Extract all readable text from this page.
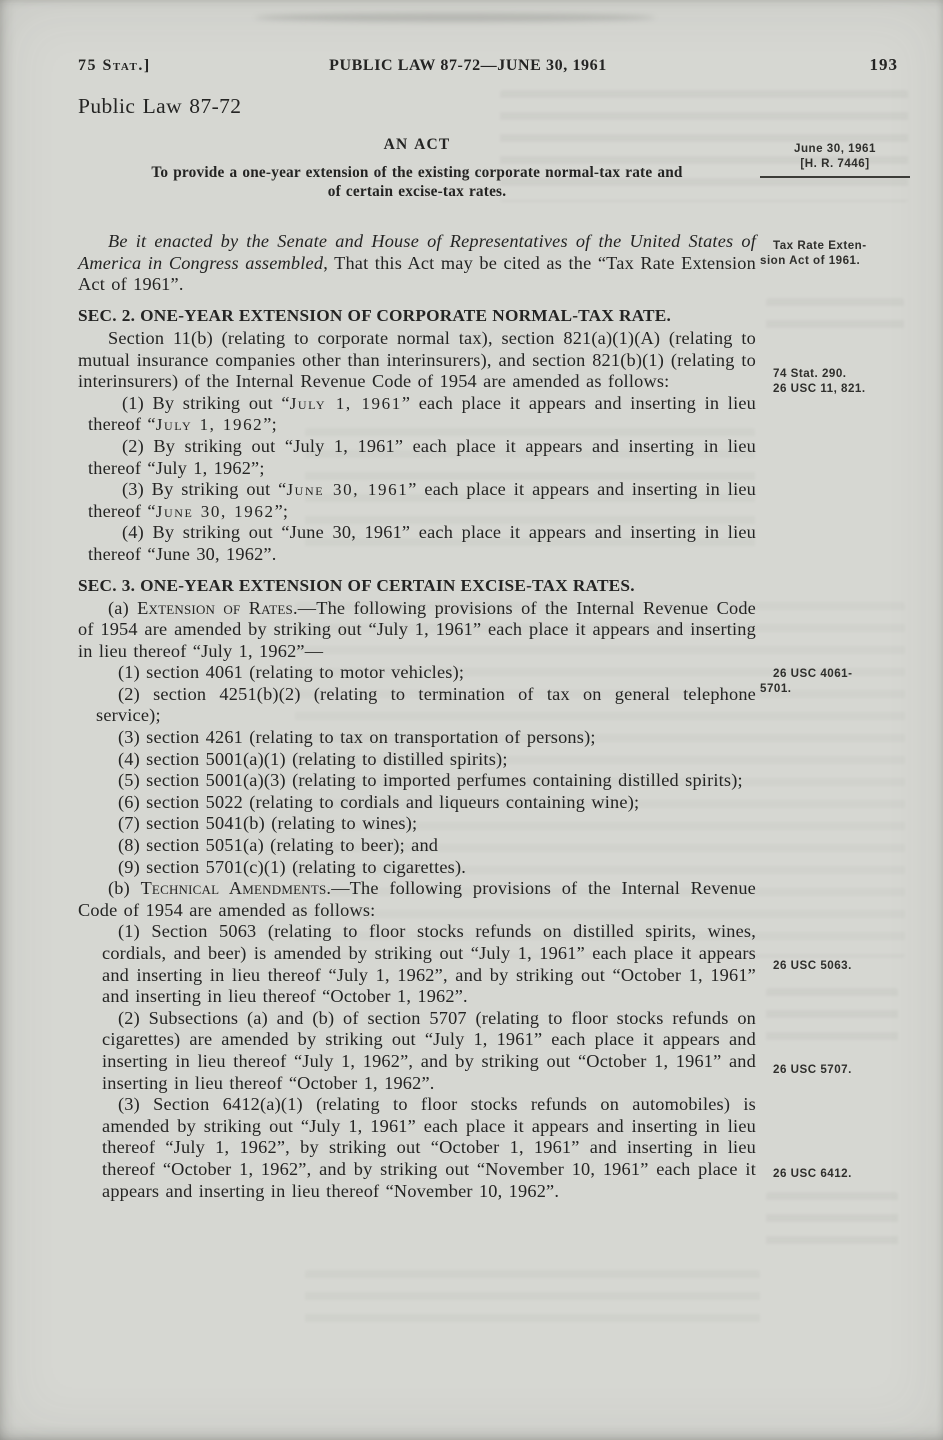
75 Stat.]	PUBLIC LAW 87-72—JUNE 30, 1961	193

Public Law 87-72

AN ACT

To provide a one-year extension of the existing corporate normal-tax rate and
of certain excise-tax rates.

Be it enacted by the Senate and House of Representatives of the United States of America in Congress assembled, That this Act may be cited as the “Tax Rate Extension Act of 1961”.

SEC. 2. ONE-YEAR EXTENSION OF CORPORATE NORMAL-TAX RATE.

Section 11(b) (relating to corporate normal tax), section 821(a)(1)(A) (relating to mutual insurance companies other than interinsurers), and section 821(b)(1) (relating to interinsurers) of the Internal Revenue Code of 1954 are amended as follows:

(1) By striking out “July 1, 1961” each place it appears and inserting in lieu thereof “July 1, 1962”;

(2) By striking out “July 1, 1961” each place it appears and inserting in lieu thereof “July 1, 1962”;

(3) By striking out “June 30, 1961” each place it appears and inserting in lieu thereof “June 30, 1962”;

(4) By striking out “June 30, 1961” each place it appears and inserting in lieu thereof “June 30, 1962”.

SEC. 3. ONE-YEAR EXTENSION OF CERTAIN EXCISE-TAX RATES.

(a) Extension of Rates.—The following provisions of the Internal Revenue Code of 1954 are amended by striking out “July 1, 1961” each place it appears and inserting in lieu thereof “July 1, 1962”—

(1) section 4061 (relating to motor vehicles);

(2) section 4251(b)(2) (relating to termination of tax on general telephone service);

(3) section 4261 (relating to tax on transportation of persons);

(4) section 5001(a)(1) (relating to distilled spirits);

(5) section 5001(a)(3) (relating to imported perfumes containing distilled spirits);

(6) section 5022 (relating to cordials and liqueurs containing wine);

(7) section 5041(b) (relating to wines);

(8) section 5051(a) (relating to beer); and

(9) section 5701(c)(1) (relating to cigarettes).

(b) Technical Amendments.—The following provisions of the Internal Revenue Code of 1954 are amended as follows:

(1) Section 5063 (relating to floor stocks refunds on distilled spirits, wines, cordials, and beer) is amended by striking out “July 1, 1961” each place it appears and inserting in lieu thereof “July 1, 1962”, and by striking out “October 1, 1961” and inserting in lieu thereof “October 1, 1962”.

(2) Subsections (a) and (b) of section 5707 (relating to floor stocks refunds on cigarettes) are amended by striking out “July 1, 1961” each place it appears and inserting in lieu thereof “July 1, 1962”, and by striking out “October 1, 1961” and inserting in lieu thereof “October 1, 1962”.

(3) Section 6412(a)(1) (relating to floor stocks refunds on automobiles) is amended by striking out “July 1, 1961” each place it appears and inserting in lieu thereof “July 1, 1962”, by striking out “October 1, 1961” and inserting in lieu thereof “October 1, 1962”, and by striking out “November 10, 1961” each place it appears and inserting in lieu thereof “November 10, 1962”.

June 30, 1961
[H. R. 7446]
Tax Rate Exten-
sion Act of 1961.
74 Stat. 290.
26 USC 11, 821.
26 USC 4061-
5701.
26 USC 5063.
26 USC 5707.
26 USC 6412.
